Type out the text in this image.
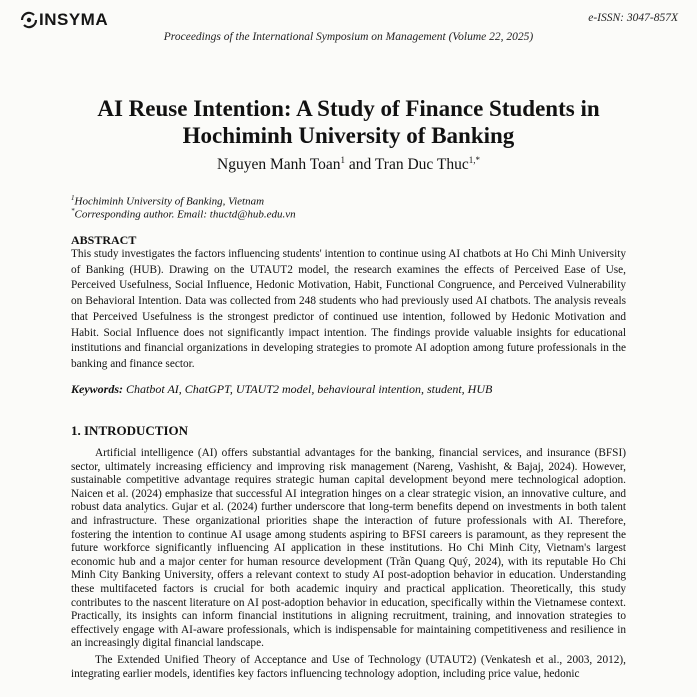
INSYMA	e-ISSN: 3047-857X
Proceedings of the International Symposium on Management (Volume 22, 2025)
AI Reuse Intention: A Study of Finance Students in Hochiminh University of Banking
Nguyen Manh Toan$^1$ and Tran Duc Thuc$^{1,*}$
$^1$Hochiminh University of Banking, Vietnam
*Corresponding author. Email: thuctd@hub.edu.vn
ABSTRACT
This study investigates the factors influencing students' intention to continue using AI chatbots at Ho Chi Minh University of Banking (HUB). Drawing on the UTAUT2 model, the research examines the effects of Perceived Ease of Use, Perceived Usefulness, Social Influence, Hedonic Motivation, Habit, Functional Congruence, and Perceived Vulnerability on Behavioral Intention. Data was collected from 248 students who had previously used AI chatbots. The analysis reveals that Perceived Usefulness is the strongest predictor of continued use intention, followed by Hedonic Motivation and Habit. Social Influence does not significantly impact intention. The findings provide valuable insights for educational institutions and financial organizations in developing strategies to promote AI adoption among future professionals in the banking and finance sector.
Keywords: Chatbot AI, ChatGPT, UTAUT2 model, behavioural intention, student, HUB
1. INTRODUCTION

Artificial intelligence (AI) offers substantial advantages for the banking, financial services, and insurance (BFSI) sector, ultimately increasing efficiency and improving risk management (Nareng, Vashisht, & Bajaj, 2024). However, sustainable competitive advantage requires strategic human capital development beyond mere technological adoption. Naicen et al. (2024) emphasize that successful AI integration hinges on a clear strategic vision, an innovative culture, and robust data analytics. Gujar et al. (2024) further underscore that long-term benefits depend on investments in both talent and infrastructure. These organizational priorities shape the interaction of future professionals with AI. Therefore, fostering the intention to continue AI usage among students aspiring to BFSI careers is paramount, as they represent the future workforce significantly influencing AI application in these institutions. Ho Chi Minh City, Vietnam's largest economic hub and a major center for human resource development (Trần Quang Quý, 2024), with its reputable Ho Chi Minh City Banking University, offers a relevant context to study AI post-adoption behavior in education. Understanding these multifaceted factors is crucial for both academic inquiry and practical application. Theoretically, this study contributes to the nascent literature on AI post-adoption behavior in education, specifically within the Vietnamese context. Practically, its insights can inform financial institutions in aligning recruitment, training, and innovation strategies to effectively engage with AI-aware professionals, which is indispensable for maintaining competitiveness and resilience in an increasingly digital financial landscape.

The Extended Unified Theory of Acceptance and Use of Technology (UTAUT2) (Venkatesh et al., 2003, 2012), integrating earlier models, identifies key factors influencing technology adoption, including price value, hedonic
